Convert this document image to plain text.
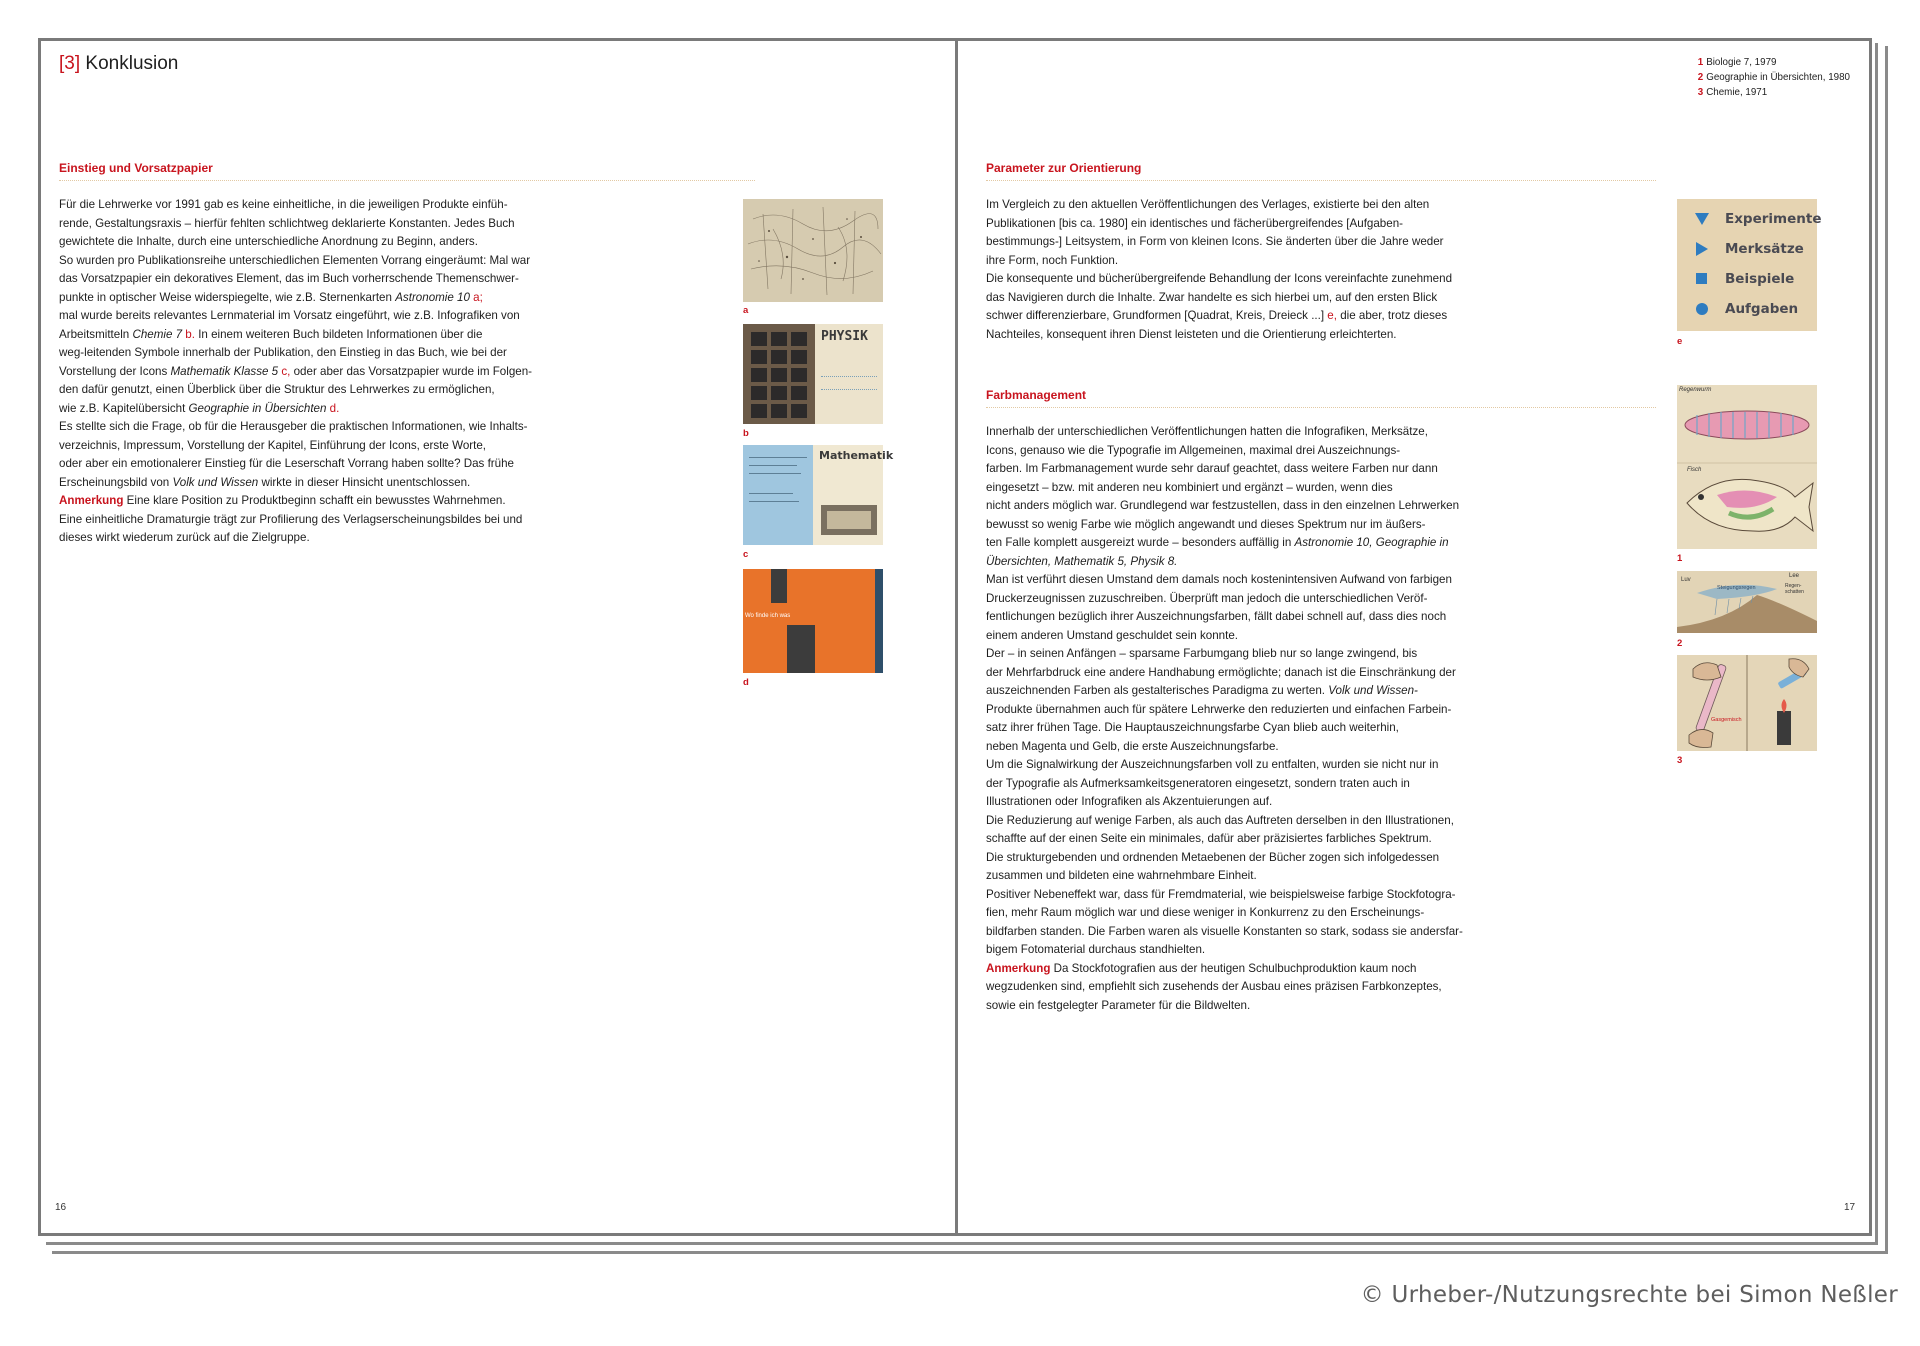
[3] Konklusion
Einstieg und Vorsatzpapier

Für die Lehrwerke vor 1991 gab es keine einheitliche, in die jeweiligen Produkte einfüh-

rende, Gestaltungsraxis – hierfür fehlten schlichtweg deklarierte Konstanten. Jedes Buch

gewichtete die Inhalte, durch eine unterschiedliche Anordnung zu Beginn, anders.

So wurden pro Publikationsreihe unterschiedlichen Elementen Vorrang eingeräumt: Mal war

das Vorsatzpapier ein dekoratives Element, das im Buch vorherrschende Themenschwer-

punkte in optischer Weise widerspiegelte, wie z.B. Sternenkarten Astronomie 10 a;

mal wurde bereits relevantes Lernmaterial im Vorsatz eingeführt, wie z.B. Infografiken von

Arbeitsmitteln Chemie 7 b. In einem weiteren Buch bildeten Informationen über die

weg-leitenden Symbole innerhalb der Publikation, den Einstieg in das Buch, wie bei der

Vorstellung der Icons Mathematik Klasse 5 c, oder aber das Vorsatzpapier wurde im Folgen-

den dafür genutzt, einen Überblick über die Struktur des Lehrwerkes zu ermöglichen,

wie z.B. Kapitelübersicht Geographie in Übersichten d.

Es stellte sich die Frage, ob für die Herausgeber die praktischen Informationen, wie Inhalts-

verzeichnis, Impressum, Vorstellung der Kapitel, Einführung der Icons, erste Worte,

oder aber ein emotionalerer Einstieg für die Leserschaft Vorrang haben sollte? Das frühe

Erscheinungsbild von Volk und Wissen wirkte in dieser Hinsicht unentschlossen.

Anmerkung Eine klare Position zu Produktbeginn schafft ein bewusstes Wahrnehmen.

Eine einheitliche Dramaturgie trägt zur Profilierung des Verlagserscheinungsbildes bei und

dieses wirkt wiederum zurück auf die Zielgruppe.

a
PHYSIK
b
Mathematik
c
Wo finde ich was
d
16
1 Biologie 7, 1979
2 Geographie in Übersichten, 1980
3 Chemie, 1971
Parameter zur Orientierung

Im Vergleich zu den aktuellen Veröffentlichungen des Verlages, existierte bei den alten

Publikationen [bis ca. 1980] ein identisches und fächerübergreifendes [Aufgaben-

bestimmungs-] Leitsystem, in Form von kleinen Icons. Sie änderten über die Jahre weder

ihre Form, noch Funktion.

Die konsequente und bücherübergreifende Behandlung der Icons vereinfachte zunehmend

das Navigieren durch die Inhalte. Zwar handelte es sich hierbei um, auf den ersten Blick

schwer differenzierbare, Grundformen [Quadrat, Kreis, Dreieck ...] e, die aber, trotz dieses

Nachteiles, konsequent ihren Dienst leisteten und die Orientierung erleichterten.

Farbmanagement

Innerhalb der unterschiedlichen Veröffentlichungen hatten die Infografiken, Merksätze,

Icons, genauso wie die Typografie im Allgemeinen, maximal drei Auszeichnungs-

farben. Im Farbmanagement wurde sehr darauf geachtet, dass weitere Farben nur dann

eingesetzt – bzw. mit anderen neu kombiniert und ergänzt – wurden, wenn dies

nicht anders möglich war. Grundlegend war festzustellen, dass in den einzelnen Lehrwerken

bewusst so wenig Farbe wie möglich angewandt und dieses Spektrum nur im äußers-

ten Falle komplett ausgereizt wurde – besonders auffällig in Astronomie 10, Geographie in

Übersichten, Mathematik 5, Physik 8.

Man ist verführt diesen Umstand dem damals noch kostenintensiven Aufwand von farbigen

Druckerzeugnissen zuzuschreiben. Überprüft man jedoch die unterschiedlichen Veröf-

fentlichungen bezüglich ihrer Auszeichnungsfarben, fällt dabei schnell auf, dass dies noch

einem anderen Umstand geschuldet sein konnte.

Der – in seinen Anfängen – sparsame Farbumgang blieb nur so lange zwingend, bis

der Mehrfarbdruck eine andere Handhabung ermöglichte; danach ist die Einschränkung der

auszeichnenden Farben als gestalterisches Paradigma zu werten. Volk und Wissen-

Produkte übernahmen auch für spätere Lehrwerke den reduzierten und einfachen Farbein-

satz ihrer frühen Tage. Die Hauptauszeichnungsfarbe Cyan blieb auch weiterhin,

neben Magenta und Gelb, die erste Auszeichnungsfarbe.

Um die Signalwirkung der Auszeichnungsfarben voll zu entfalten, wurden sie nicht nur in

der Typografie als Aufmerksamkeitsgeneratoren eingesetzt, sondern traten auch in

Illustrationen oder Infografiken als Akzentuierungen auf.

Die Reduzierung auf wenige Farben, als auch das Auftreten derselben in den Illustrationen,

schaffte auf der einen Seite ein minimales, dafür aber präzisiertes farbliches Spektrum.

Die strukturgebenden und ordnenden Metaebenen der Bücher zogen sich infolgedessen

zusammen und bildeten eine wahrnehmbare Einheit.

Positiver Nebeneffekt war, dass für Fremdmaterial, wie beispielsweise farbige Stockfotogra-

fien, mehr Raum möglich war und diese weniger in Konkurrenz zu den Erscheinungs-

bildfarben standen. Die Farben waren als visuelle Konstanten so stark, sodass sie andersfar-

bigem Fotomaterial durchaus standhielten.

Anmerkung Da Stockfotografien aus der heutigen Schulbuchproduktion kaum noch

wegzudenken sind, empfiehlt sich zusehends der Ausbau eines präzisen Farbkonzeptes,

sowie ein festgelegter Parameter für die Bildwelten.

Experimente
Merksätze
Beispiele
Aufgaben
e
Regenwurm
Fisch
1
Luv
Lee
Steigungsregen	Regen-schatten
2
Gasgemisch
3
17
© Urheber-/Nutzungsrechte bei Simon Neßler
